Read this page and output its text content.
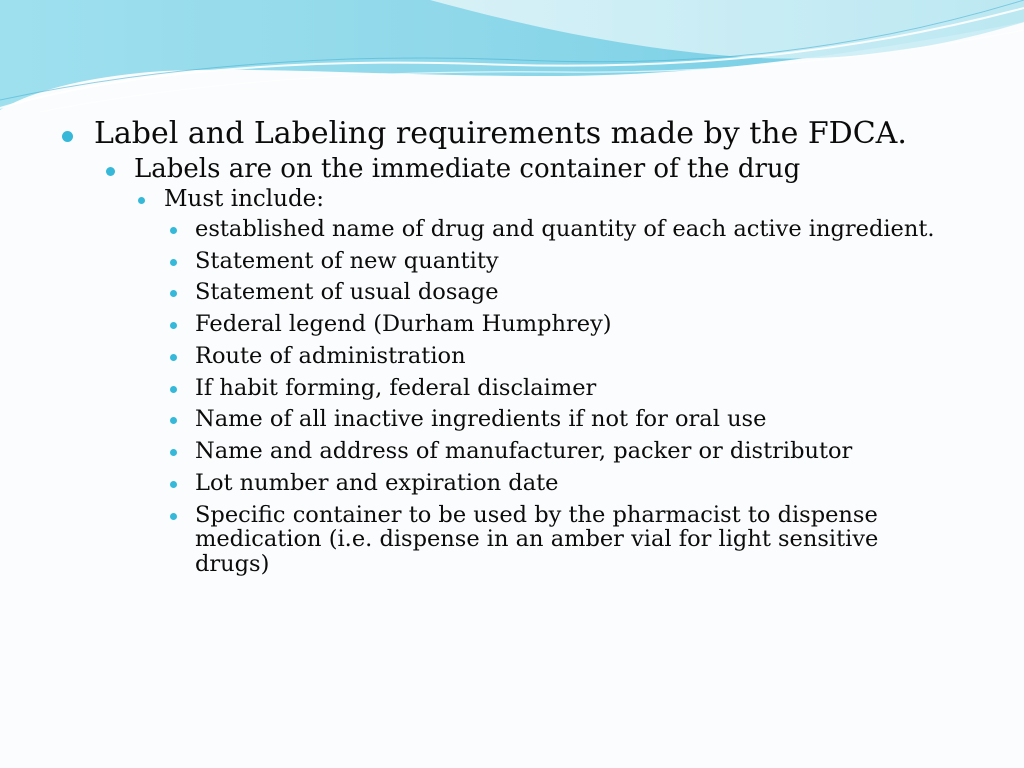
Label and Labeling requirements made by the FDCA.
Labels are on the immediate container of the drug
Must include:
established name of drug and quantity of each active ingredient.
Statement of new quantity
Statement of usual dosage
Federal legend (Durham Humphrey)
Route of administration
If habit forming, federal disclaimer
Name of all inactive ingredients if not for oral use
Name and address of manufacturer, packer or distributor
Lot number and expiration date
Specific container to be used by the pharmacist to dispense medication (i.e. dispense in an amber vial for light sensitive drugs)
